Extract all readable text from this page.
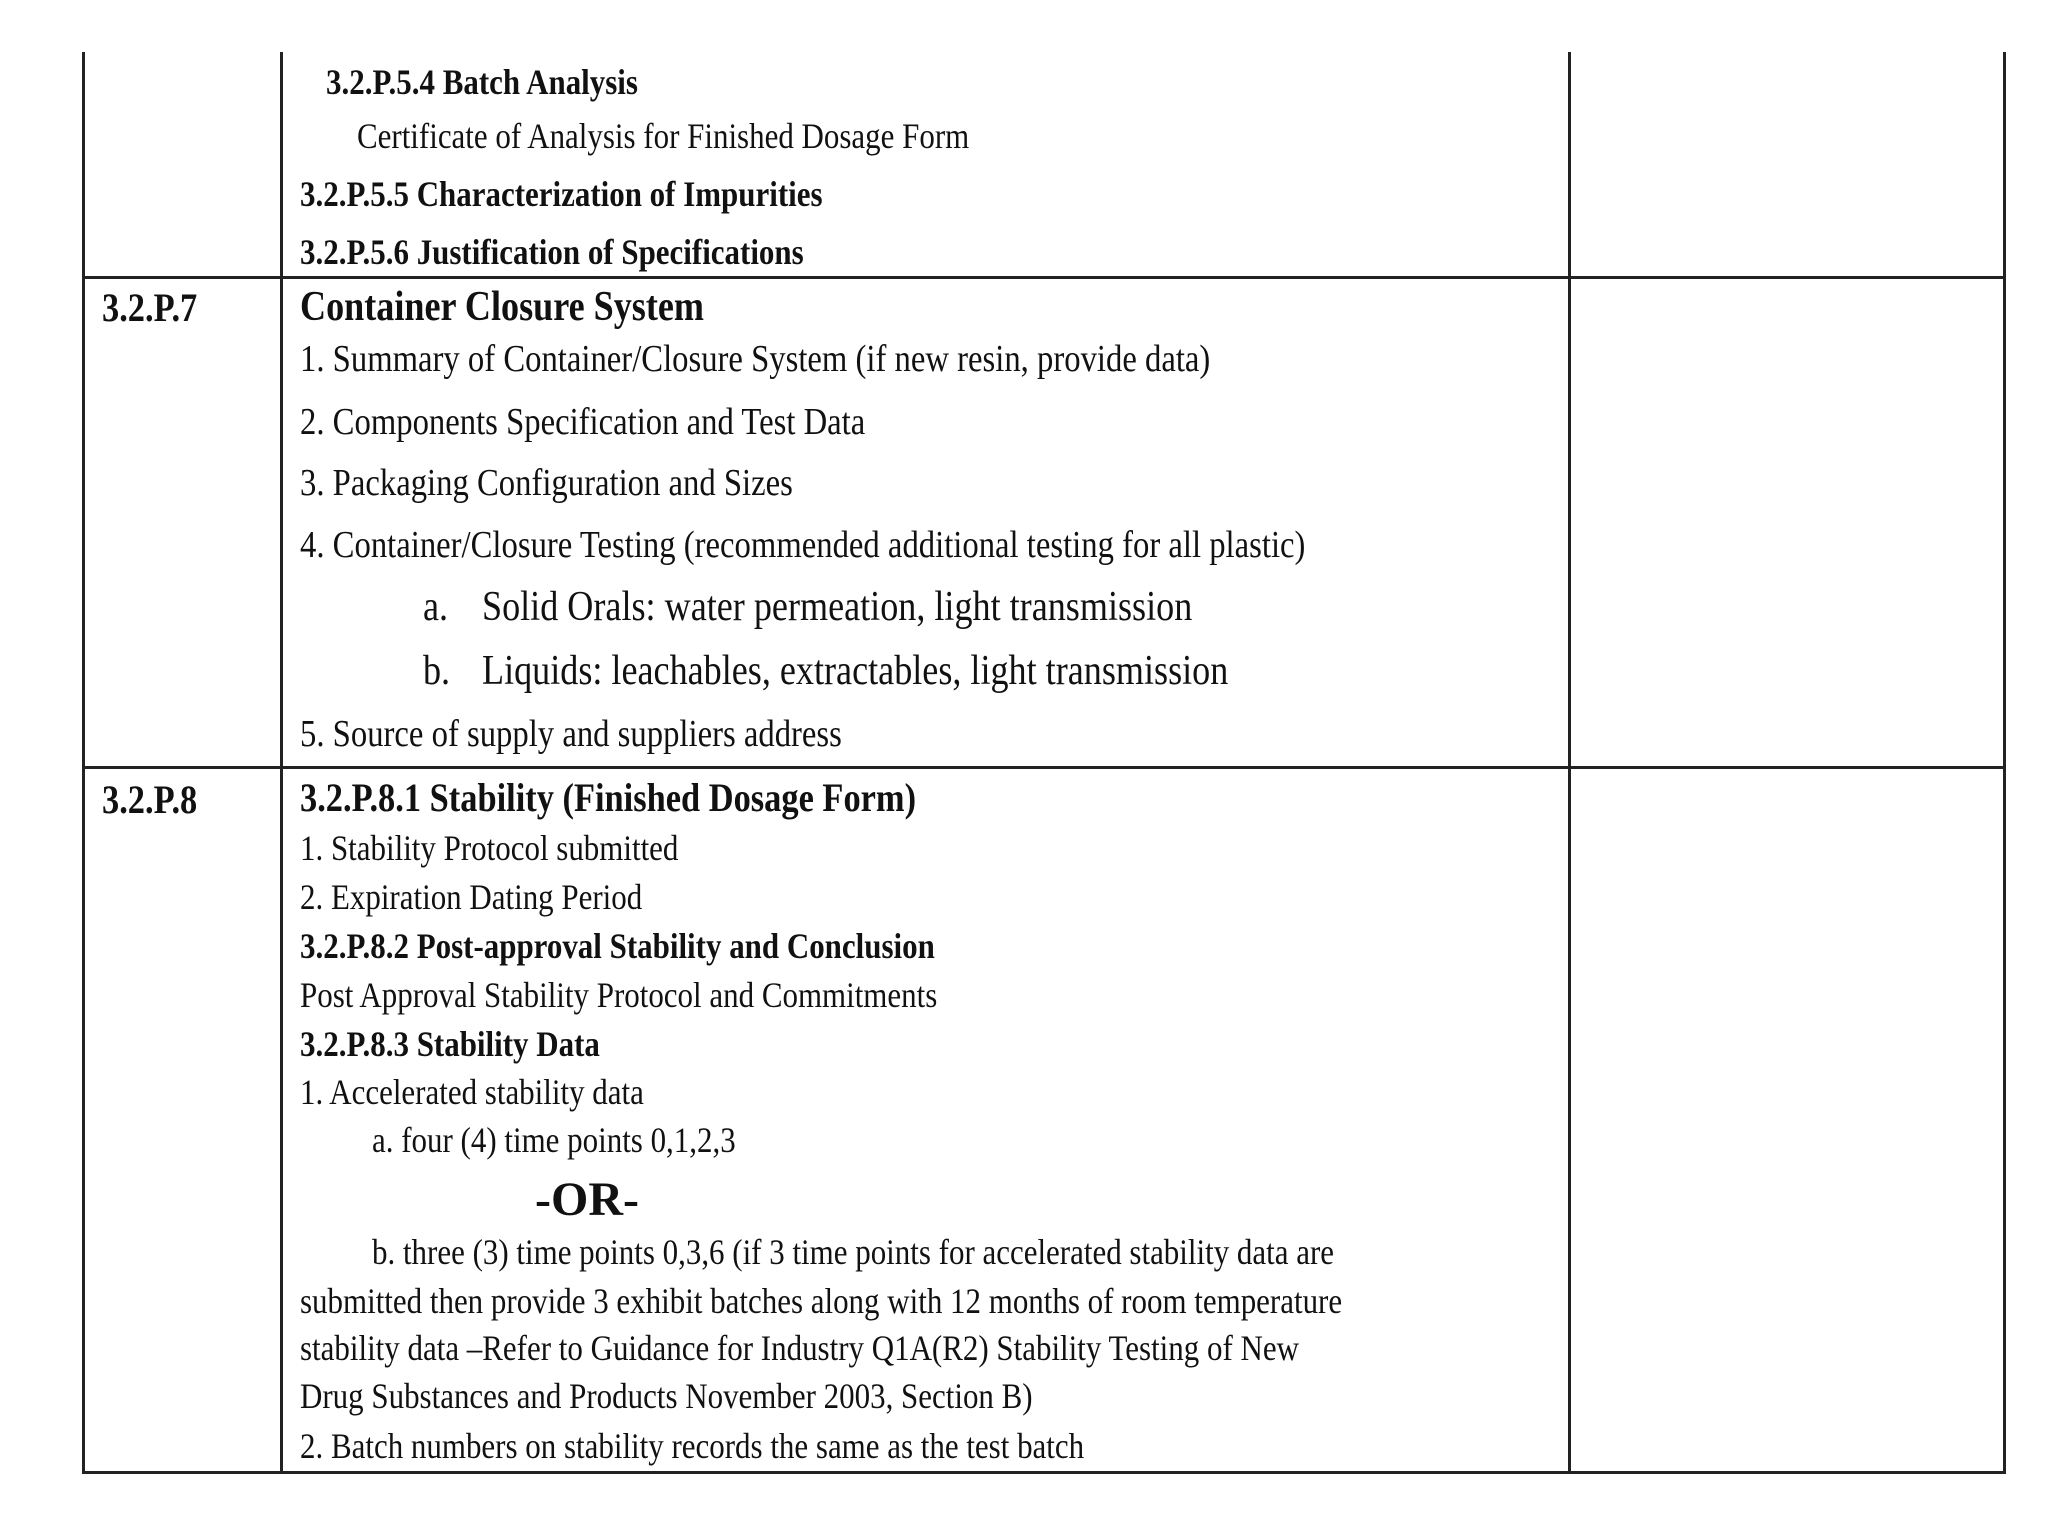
3.2.P.5.4 Batch Analysis
Certificate of Analysis for Finished Dosage Form
3.2.P.5.5 Characterization of Impurities
3.2.P.5.6 Justification of Specifications
3.2.P.7 Container Closure System
1. Summary of Container/Closure System (if new resin, provide data)
2. Components Specification and Test Data
3. Packaging Configuration and Sizes
4. Container/Closure Testing (recommended additional testing for all plastic)
a. Solid Orals: water permeation, light transmission
b. Liquids: leachables, extractables, light transmission
5. Source of supply and suppliers address
3.2.P.8	3.2.P.8.1 Stability (Finished Dosage Form)
1. Stability Protocol submitted
2. Expiration Dating Period
3.2.P.8.2 Post-approval Stability and Conclusion
Post Approval Stability Protocol and Commitments
3.2.P.8.3 Stability Data
1. Accelerated stability data
a. four (4) time points 0,1,2,3
-OR-
b. three (3) time points 0,3,6 (if 3 time points for accelerated stability data are
submitted then provide 3 exhibit batches along with 12 months of room temperature
stability data –Refer to Guidance for Industry Q1A(R2) Stability Testing of New
Drug Substances and Products November 2003, Section B)
2. Batch numbers on stability records the same as the test batch
